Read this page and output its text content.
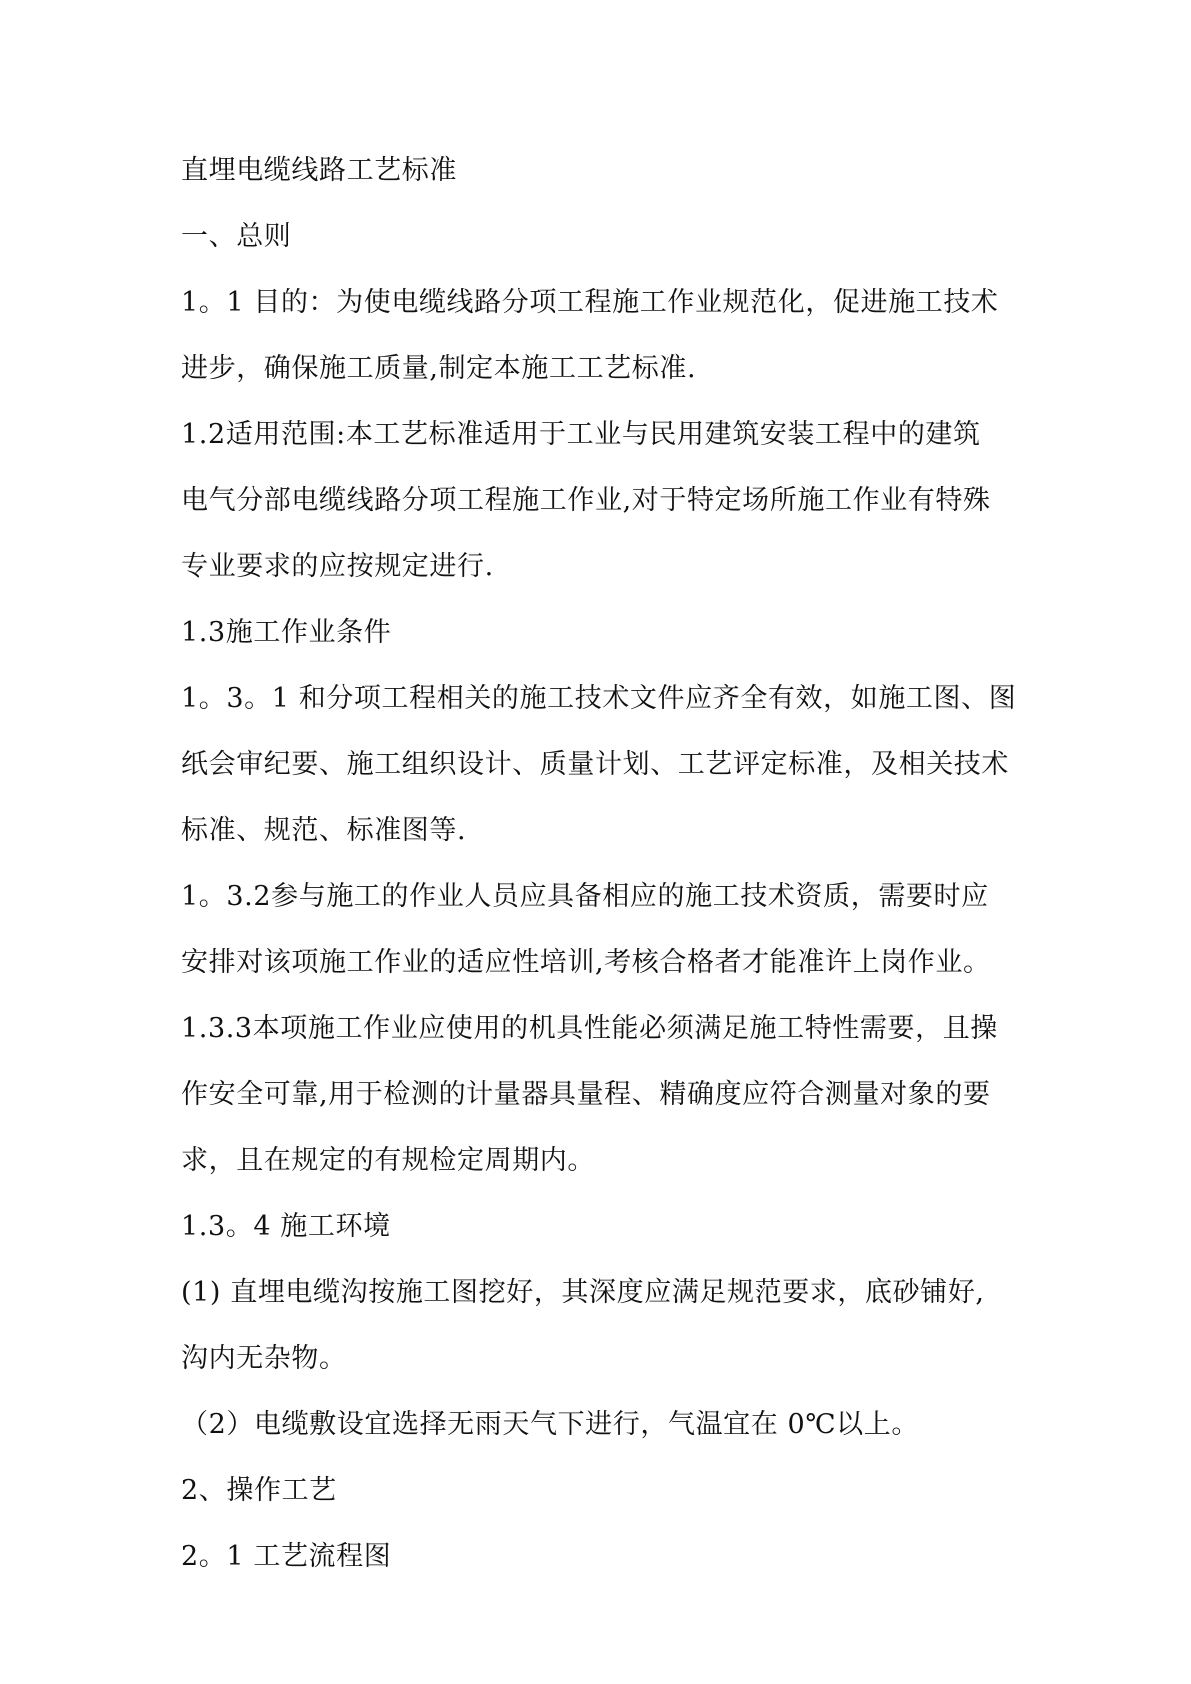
直埋电缆线路工艺标准
一、总则
1。1 目的：为使电缆线路分项工程施工作业规范化，促进施工技术
进步，确保施工质量,制定本施工工艺标准.
1.2适用范围:本工艺标准适用于工业与民用建筑安装工程中的建筑
电气分部电缆线路分项工程施工作业,对于特定场所施工作业有特殊
专业要求的应按规定进行.
1.3施工作业条件
1。3。1 和分项工程相关的施工技术文件应齐全有效，如施工图、图
纸会审纪要、施工组织设计、质量计划、工艺评定标准，及相关技术
标准、规范、标准图等.
1。3.2参与施工的作业人员应具备相应的施工技术资质，需要时应
安排对该项施工作业的适应性培训,考核合格者才能准许上岗作业。
1.3.3本项施工作业应使用的机具性能必须满足施工特性需要，且操
作安全可靠,用于检测的计量器具量程、精确度应符合测量对象的要
求，且在规定的有规检定周期内。
1.3。4 施工环境
(1) 直埋电缆沟按施工图挖好，其深度应满足规范要求，底砂铺好,
沟内无杂物。
（2）电缆敷设宜选择无雨天气下进行，气温宜在 0℃以上。
2、操作工艺
2。1 工艺流程图
